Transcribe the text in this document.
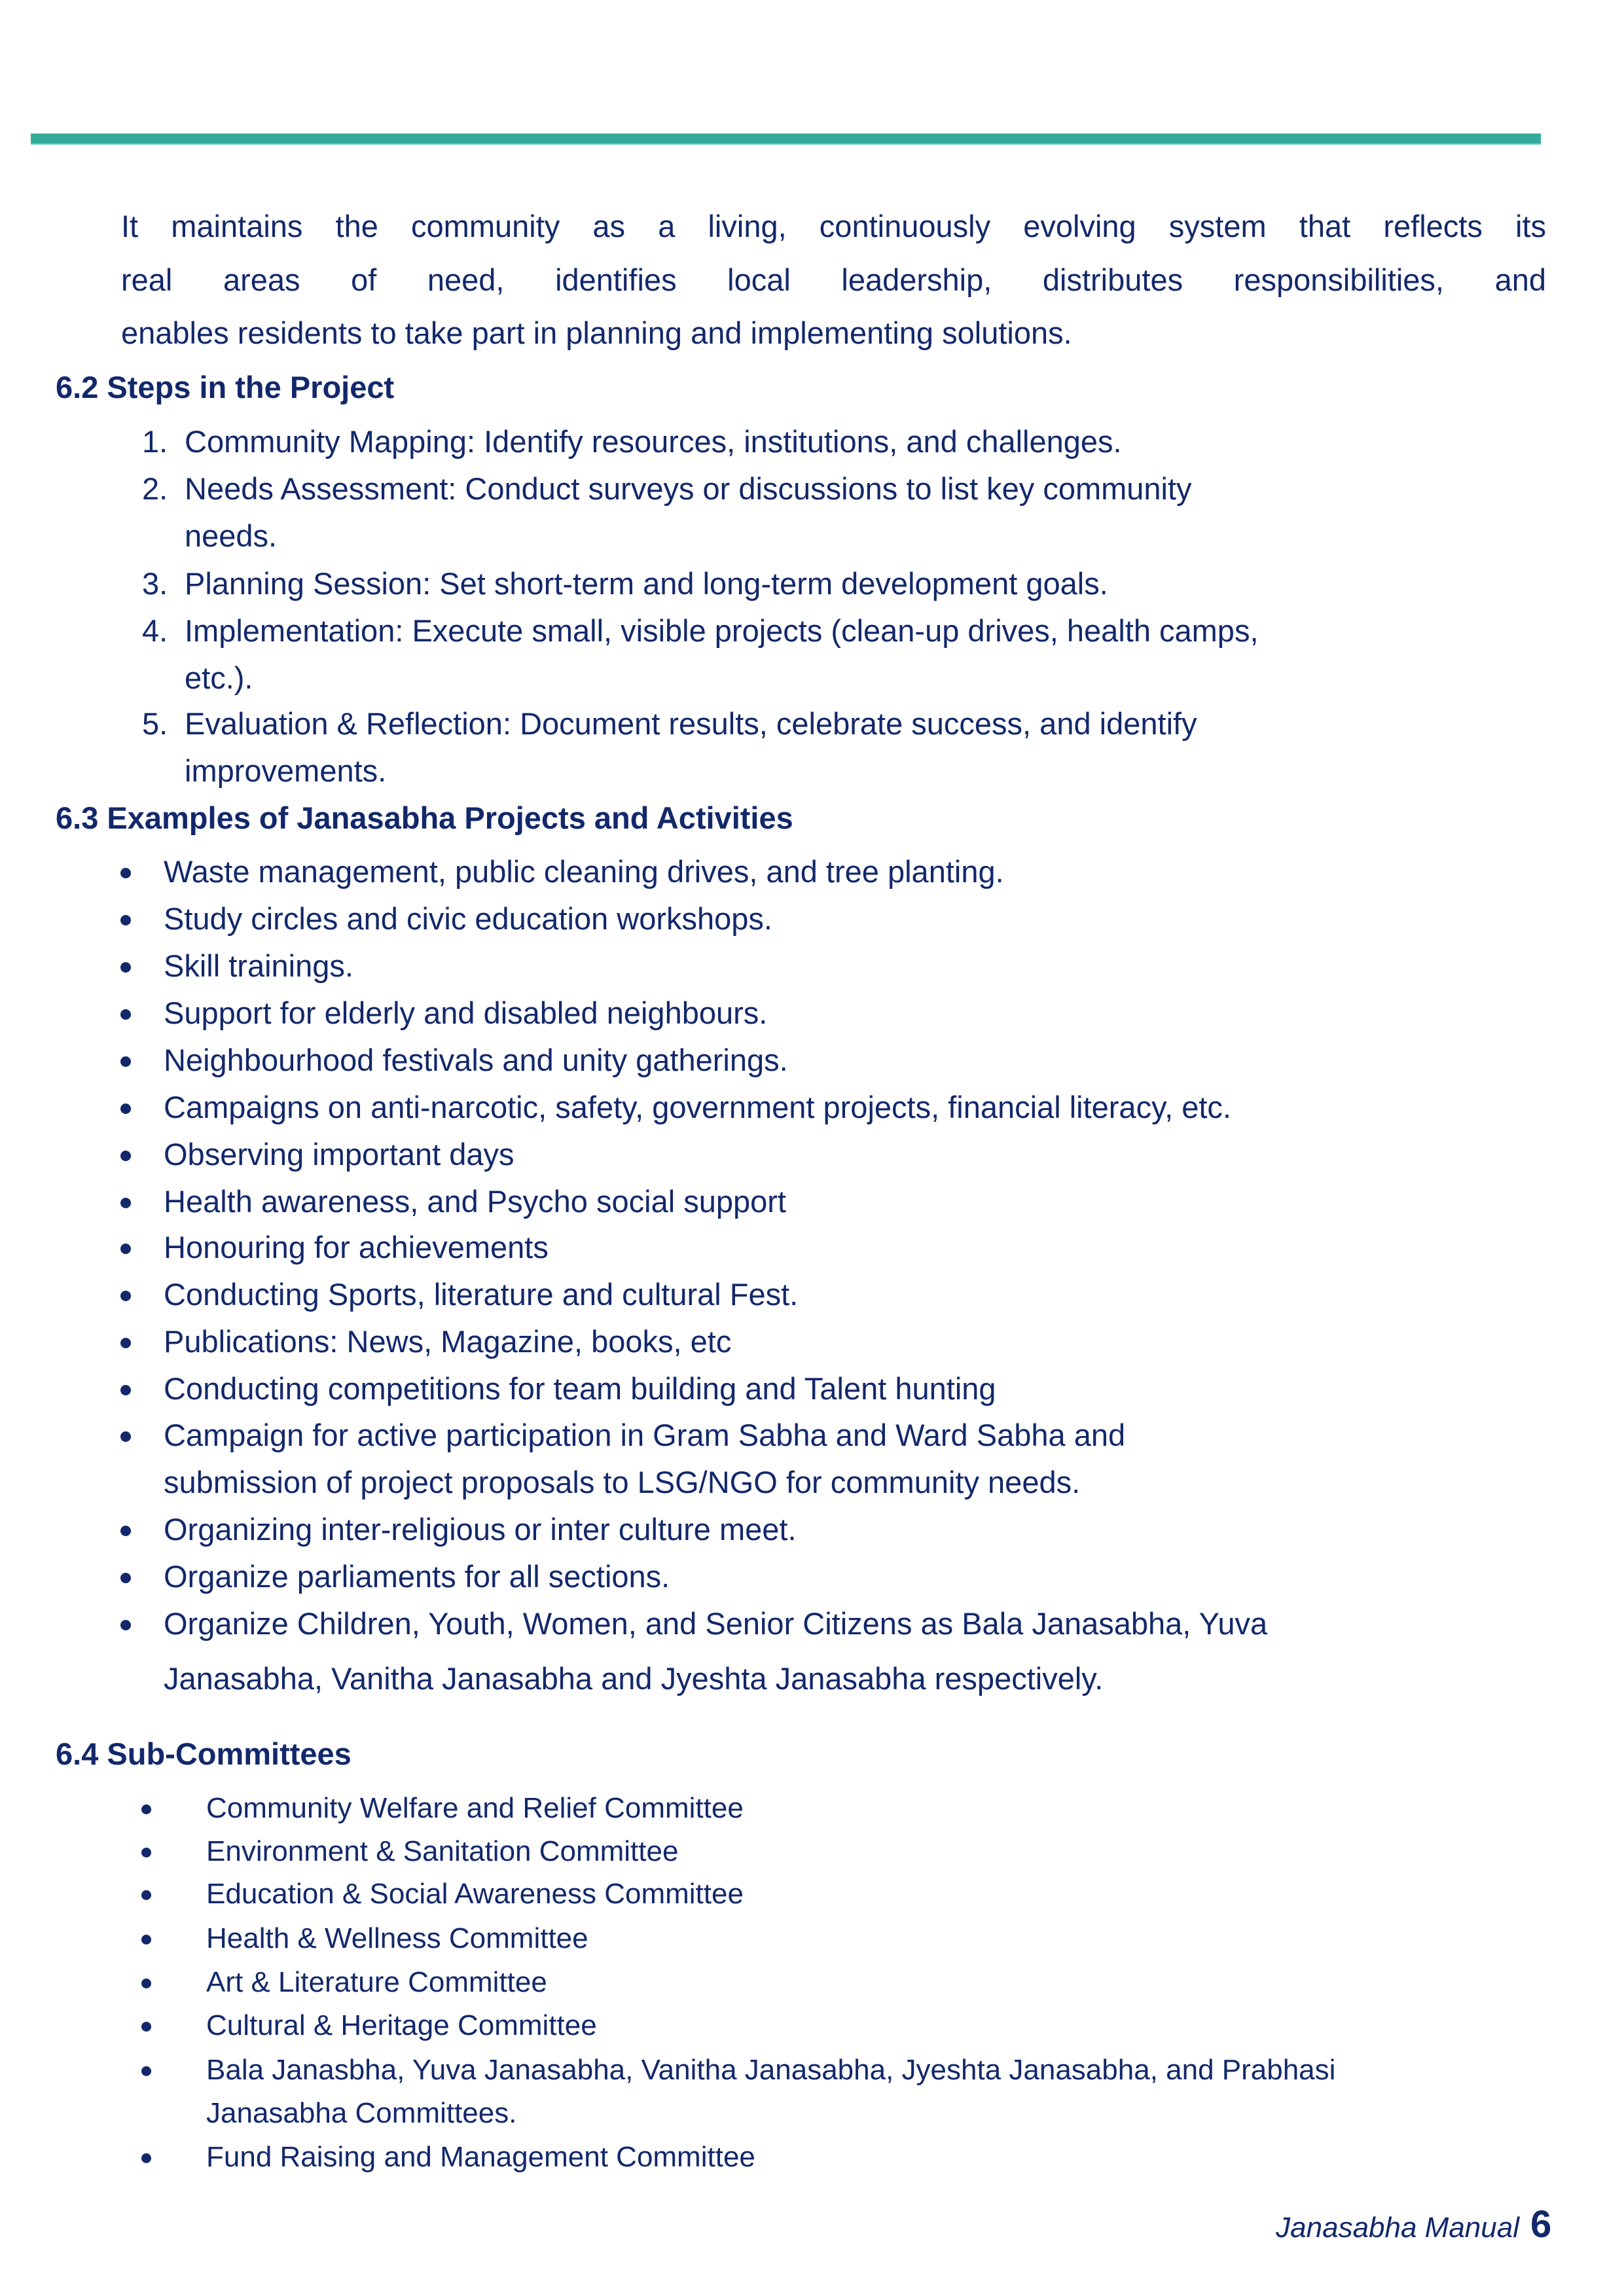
It maintains the community as a living, continuously evolving system that reflects its
real areas of need, identifies local leadership, distributes responsibilities, and
enables residents to take part in planning and implementing solutions.
6.2 Steps in the Project
1. Community Mapping: Identify resources, institutions, and challenges.
2. Needs Assessment: Conduct surveys or discussions to list key community
needs.
3. Planning Session: Set short-term and long-term development goals.
4. Implementation: Execute small, visible projects (clean-up drives, health camps,
etc.).
5. Evaluation & Reflection: Document results, celebrate success, and identify
improvements.
6.3 Examples of Janasabha Projects and Activities
Waste management, public cleaning drives, and tree planting.
Study circles and civic education workshops.
Skill trainings.
Support for elderly and disabled neighbours.
Neighbourhood festivals and unity gatherings.
Campaigns on anti-narcotic, safety, government projects, financial literacy, etc.
Observing important days
Health awareness, and Psycho social support
Honouring for achievements
Conducting Sports, literature and cultural Fest.
Publications: News, Magazine, books, etc
Conducting competitions for team building and Talent hunting
Campaign for active participation in Gram Sabha and Ward Sabha and
submission of project proposals to LSG/NGO for community needs.
Organizing inter-religious or inter culture meet.
Organize parliaments for all sections.
Organize Children, Youth, Women, and Senior Citizens as Bala Janasabha, Yuva
Janasabha, Vanitha Janasabha and Jyeshta Janasabha respectively.
6.4 Sub-Committees
Community Welfare and Relief Committee
Environment & Sanitation Committee
Education & Social Awareness Committee
Health & Wellness Committee
Art & Literature Committee
Cultural & Heritage Committee
Bala Janasbha, Yuva Janasabha, Vanitha Janasabha, Jyeshta Janasabha, and Prabhasi
Janasabha Committees.
Fund Raising and Management Committee
Janasabha Manual 6
